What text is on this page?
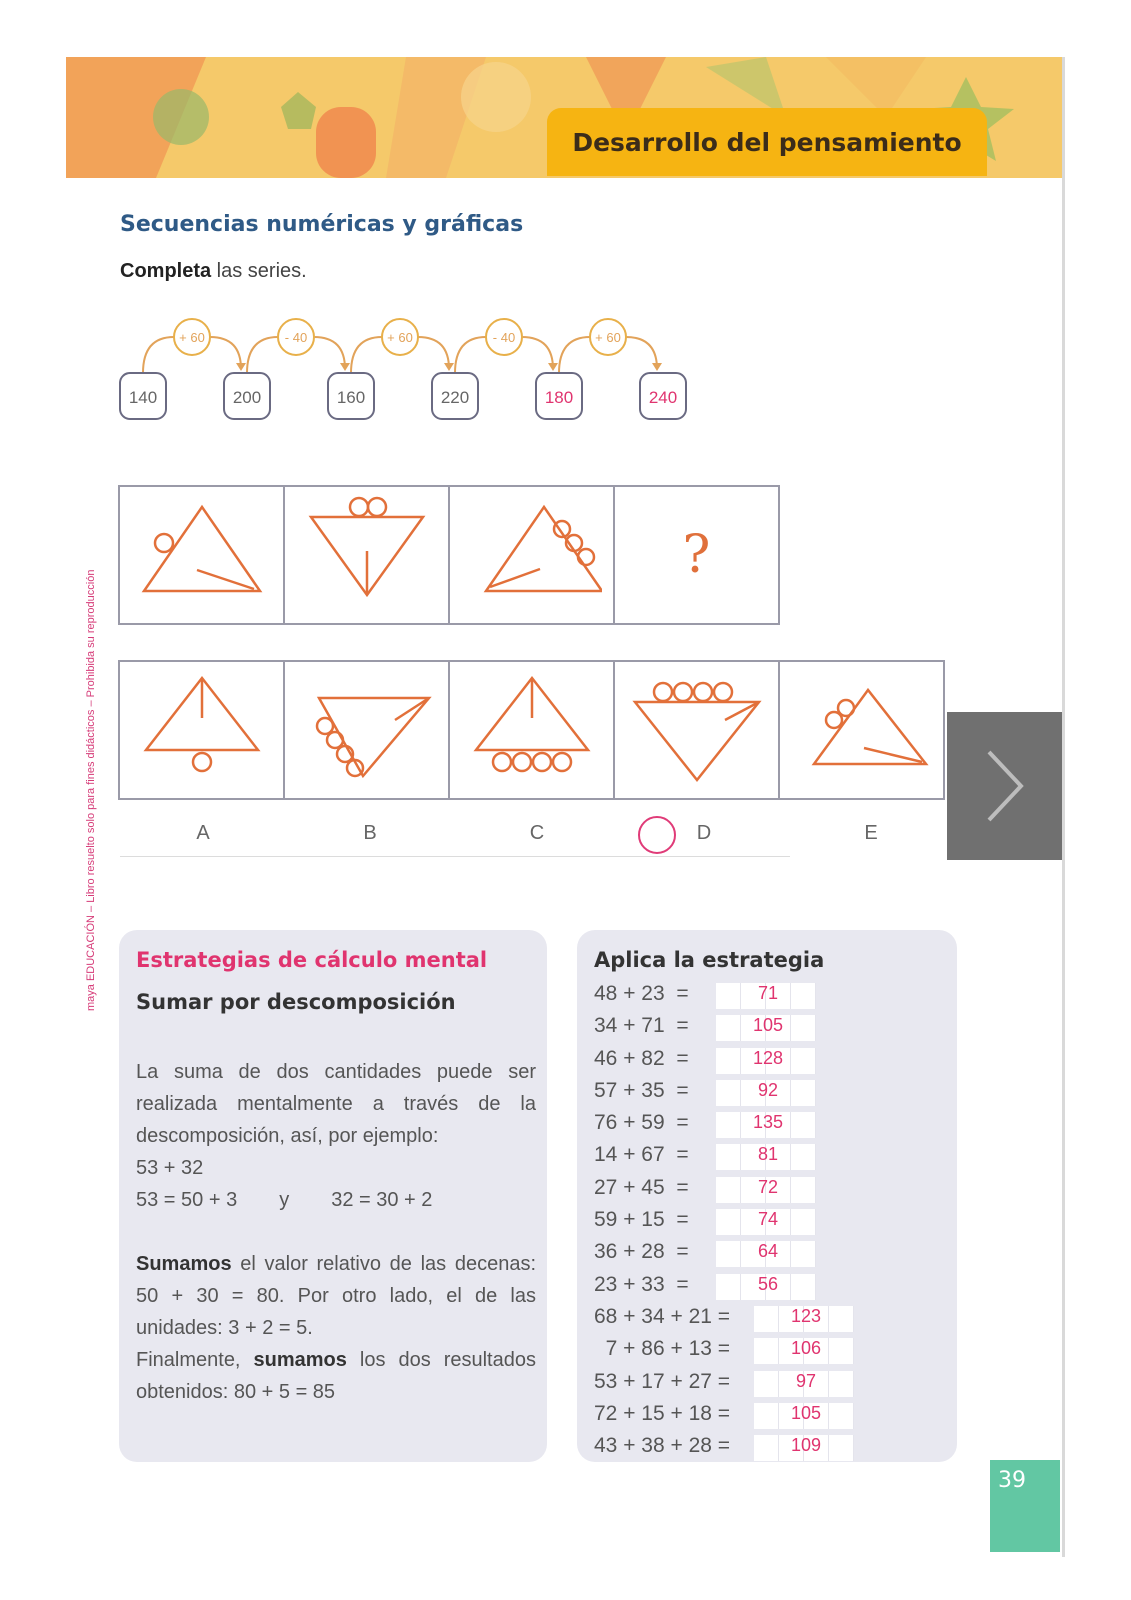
Desarrollo del pensamiento
maya EDUCACIÓN – Libro resuelto solo para fines didácticos – Prohibida su reproducción
Secuencias numéricas y gráficas
Completa las series.
+ 60	- 40	+ 60	- 40	+ 60
140	200	160	220	180	240
?
A	B	C	D	E
Estrategias de cálculo mental
Sumar por descomposición
La suma de dos cantidades puede ser realizada mentalmente a través de la descomposición, así, por ejemplo:
53 + 32
53 = 50 + 3 y 32 = 30 + 2
Sumamos el valor relativo de las decenas: 50 + 30 = 80. Por otro lado, el de las unidades: 3 + 2 = 5.
Finalmente, sumamos los dos resultados obtenidos: 80 + 5 = 85
Aplica la estrategia
48 + 23  =	71
34 + 71  =	105
46 + 82  =	128
57 + 35  =	92
76 + 59  =	135
14 + 67  =	81
27 + 45  =	72
59 + 15  =	74
36 + 28  =	64
23 + 33  =	56
68 + 34 + 21 =	123
7 + 86 + 13 =	106
53 + 17 + 27 =	97
72 + 15 + 18 =	105
43 + 38 + 28 =	109
39
